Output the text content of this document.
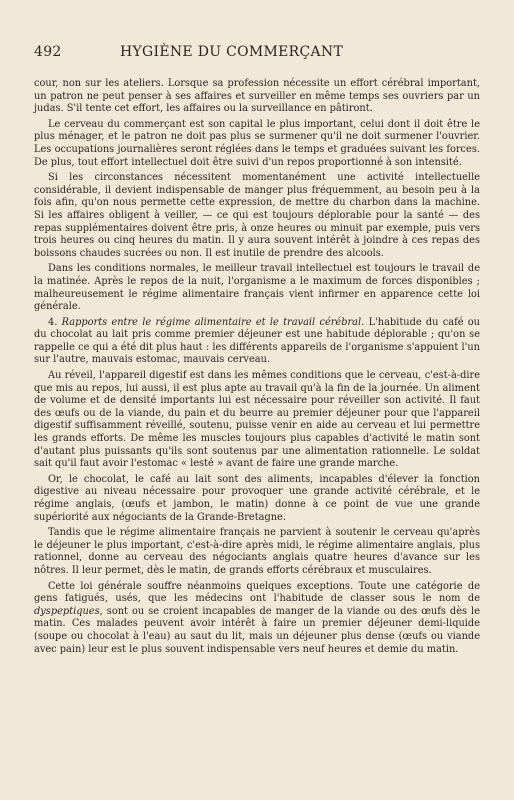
492	HYGIÈNE DU COMMERÇANT

cour, non sur les ateliers. Lorsque sa profession nécessite un effort cérébral important, un patron ne peut penser à ses affaires et surveiller en même temps ses ouvriers par un judas. S'il tente cet effort, les affaires ou la surveillance en pâtiront.

Le cerveau du commerçant est son capital le plus important, celui dont il doit être le plus ménager, et le patron ne doit pas plus se surmener qu'il ne doit surmener l'ouvrier. Les occupations journalières seront réglées dans le temps et graduées suivant les forces. De plus, tout effort intellectuel doit être suivi d'un repos proportionné à son intensité.

Si les circonstances nécessitent momentanément une activité intellectuelle considérable, il devient indispensable de manger plus fréquemment, au besoin peu à la fois afin, qu'on nous permette cette expression, de mettre du charbon dans la machine. Si les affaires obligent à veiller, — ce qui est toujours déplorable pour la santé — des repas supplémentaires doivent être pris, à onze heures ou minuit par exemple, puis vers trois heures ou cinq heures du matin. Il y aura souvent intérêt à joindre à ces repas des boissons chaudes sucrées ou non. Il est inutile de prendre des alcools.

Dans les conditions normales, le meilleur travail intellectuel est toujours le travail de la matinée. Après le repos de la nuit, l'organisme a le maximum de forces disponibles ; malheureusement le régime alimentaire français vient infirmer en apparence cette loi générale.

4. Rapports entre le régime alimentaire et le travail cérébral. L'habitude du café ou du chocolat au lait pris comme premier déjeuner est une habitude déplorable ; qu'on se rappelle ce qui a été dit plus haut : les différents appareils de l'organisme s'appuient l'un sur l'autre, mauvais estomac, mauvais cerveau.

Au réveil, l'appareil digestif est dans les mêmes conditions que le cerveau, c'est-à-dire que mis au repos, lui aussi, il est plus apte au travail qu'à la fin de la journée. Un aliment de volume et de densité importants lui est nécessaire pour réveiller son activité. Il faut des œufs ou de la viande, du pain et du beurre au premier déjeuner pour que l'appareil digestif suffisamment réveillé, soutenu, puisse venir en aide au cerveau et lui permettre les grands efforts. De même les muscles toujours plus capables d'activité le matin sont d'autant plus puissants qu'ils sont soutenus par une alimentation rationnelle. Le soldat sait qu'il faut avoir l'estomac « lesté » avant de faire une grande marche.

Or, le chocolat, le café au lait sont des aliments, incapables d'élever la fonction digestive au niveau nécessaire pour provoquer une grande activité cérébrale, et le régime anglais, (œufs et jambon, le matin) donne à ce point de vue une grande supériorité aux négociants de la Grande-Bretagne.

Tandis que le régime alimentaire français ne parvient à soutenir le cerveau qu'après le déjeuner le plus important, c'est-à-dire après midi, le régime alimentaire anglais, plus rationnel, donne au cerveau des négociants anglais quatre heures d'avance sur les nôtres. Il leur permet, dès le matin, de grands efforts cérébraux et musculaires.

Cette loi générale souffre néanmoins quelques exceptions. Toute une catégorie de gens fatigués, usés, que les médecins ont l'habitude de classer sous le nom de dyspeptiques, sont ou se croient incapables de manger de la viande ou des œufs dès le matin. Ces malades peuvent avoir intérêt à faire un premier déjeuner demi-liquide (soupe ou chocolat à l'eau) au saut du lit, mais un déjeuner plus dense (œufs ou viande avec pain) leur est le plus souvent indispensable vers neuf heures et demie du matin.
